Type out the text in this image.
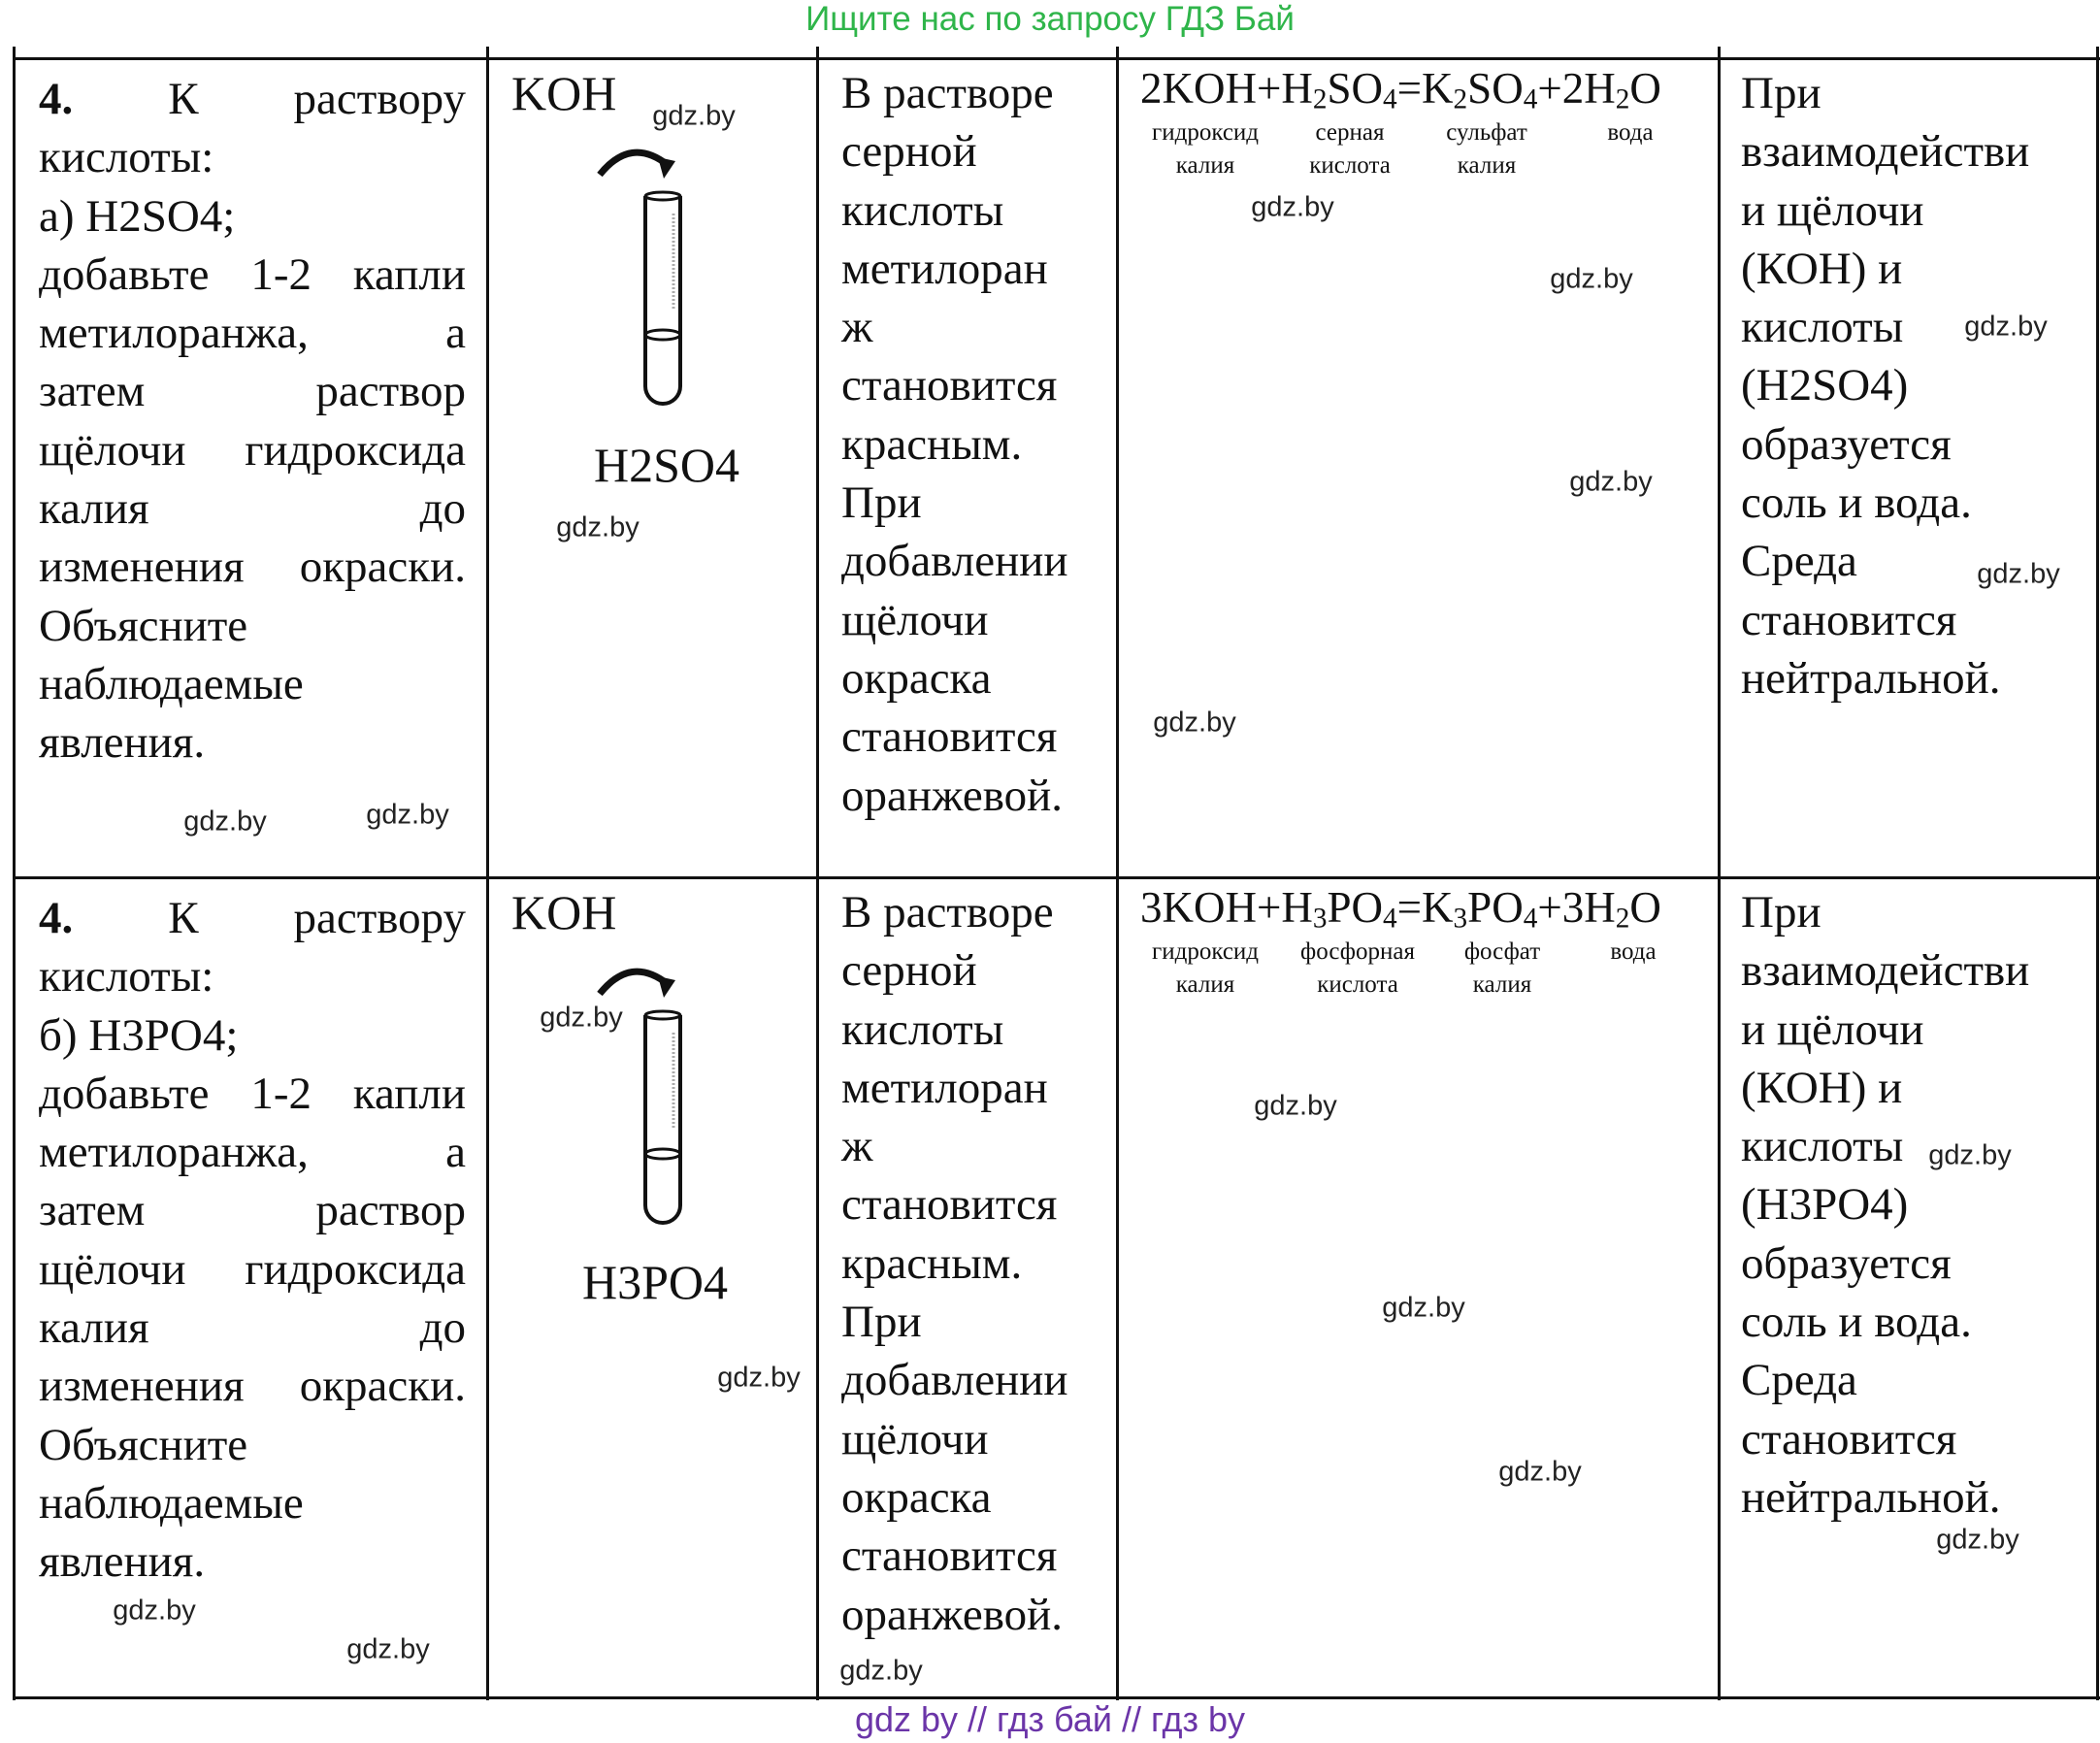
Ищите нас по запросу ГДЗ Бай
4. К раствору
кислоты:
а) H2SO4;
добавьте 1-2 капли
метилоранжа, а
затем раствор
щёлочи гидроксида
калия до
изменения окраски.
Объясните
наблюдаемые
явления.
KOH
H2SO4
В растворе
серной
кислоты
метилоран
ж
становится
красным.
При
добавлении
щёлочи
окраска
становится
оранжевой.
$2KOH+H_2SO_4=K_2SO_4+2H_2O$
гидроксид
калия
серная
кислота
сульфат
калия
вода
При
взаимодействи
и щёлочи
(КОН) и
кислоты
(H2SO4)
образуется
соль и вода.
Среда
становится
нейтральной.
4. К раствору
кислоты:
б) H3PO4;
добавьте 1-2 капли
метилоранжа, а
затем раствор
щёлочи гидроксида
калия до
изменения окраски.
Объясните
наблюдаемые
явления.
KOH
H3PO4
В растворе
серной
кислоты
метилоран
ж
становится
красным.
При
добавлении
щёлочи
окраска
становится
оранжевой.
$3KOH+H_3PO_4=K_3PO_4+3H_2O$
гидроксид
калия
фосфорная
кислота
фосфат
калия
вода
При
взаимодействи
и щёлочи
(КОН) и
кислоты
(H3PO4)
образуется
соль и вода.
Среда
становится
нейтральной.
gdz.by
gdz.by
gdz.by
gdz.by
gdz.by
gdz.by
gdz.by
gdz.by
gdz.by
gdz.by
gdz.by
gdz.by
gdz.by
gdz.by
gdz.by
gdz.by
gdz.by
gdz.by
gdz.by
gdz.by
gdz by // гдз бай // гдз by
